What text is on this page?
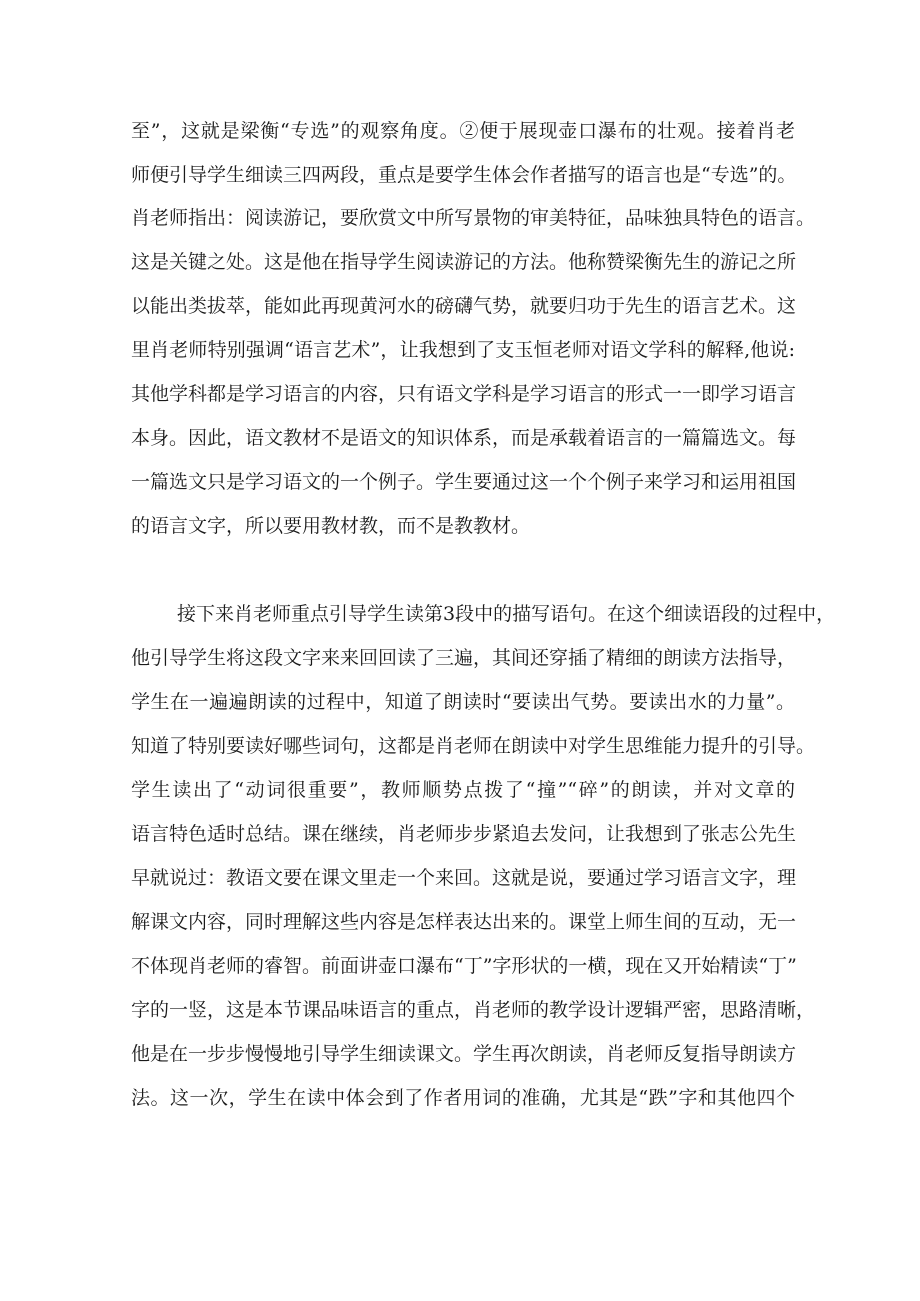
至”，这就是梁衡“专选”的观察角度。②便于展现壶口瀑布的壮观。接着肖老
师便引导学生细读三四两段，重点是要学生体会作者描写的语言也是“专选”的。
肖老师指出：阅读游记，要欣赏文中所写景物的审美特征，品味独具特色的语言。
这是关键之处。这是他在指导学生阅读游记的方法。他称赞梁衡先生的游记之所
以能出类拔萃，能如此再现黄河水的磅礴气势，就要归功于先生的语言艺术。这
里肖老师特别强调“语言艺术”，让我想到了支玉恒老师对语文学科的解释,他说:
其他学科都是学习语言的内容，只有语文学科是学习语言的形式一一即学习语言
本身。因此，语文教材不是语文的知识体系，而是承载着语言的一篇篇选文。每
一篇选文只是学习语文的一个例子。学生要通过这一个个例子来学习和运用祖国
的语言文字，所以要用教材教，而不是教教材。
接下来肖老师重点引导学生读第3段中的描写语句。在这个细读语段的过程中，
他引导学生将这段文字来来回回读了三遍，其间还穿插了精细的朗读方法指导，
学生在一遍遍朗读的过程中，知道了朗读时“要读出气势。要读出水的力量”。
知道了特别要读好哪些词句，这都是肖老师在朗读中对学生思维能力提升的引导。
学生读出了“动词很重要”，教师顺势点拨了“撞”“碎”的朗读，并对文章的
语言特色适时总结。课在继续，肖老师步步紧追去发问，让我想到了张志公先生
早就说过：教语文要在课文里走一个来回。这就是说，要通过学习语言文字，理
解课文内容，同时理解这些内容是怎样表达出来的。课堂上师生间的互动，无一
不体现肖老师的睿智。前面讲壶口瀑布“丁”字形状的一横，现在又开始精读“丁”
字的一竖，这是本节课品味语言的重点，肖老师的教学设计逻辑严密，思路清晰，
他是在一步步慢慢地引导学生细读课文。学生再次朗读，肖老师反复指导朗读方
法。这一次，学生在读中体会到了作者用词的准确，尤其是“跌”字和其他四个
